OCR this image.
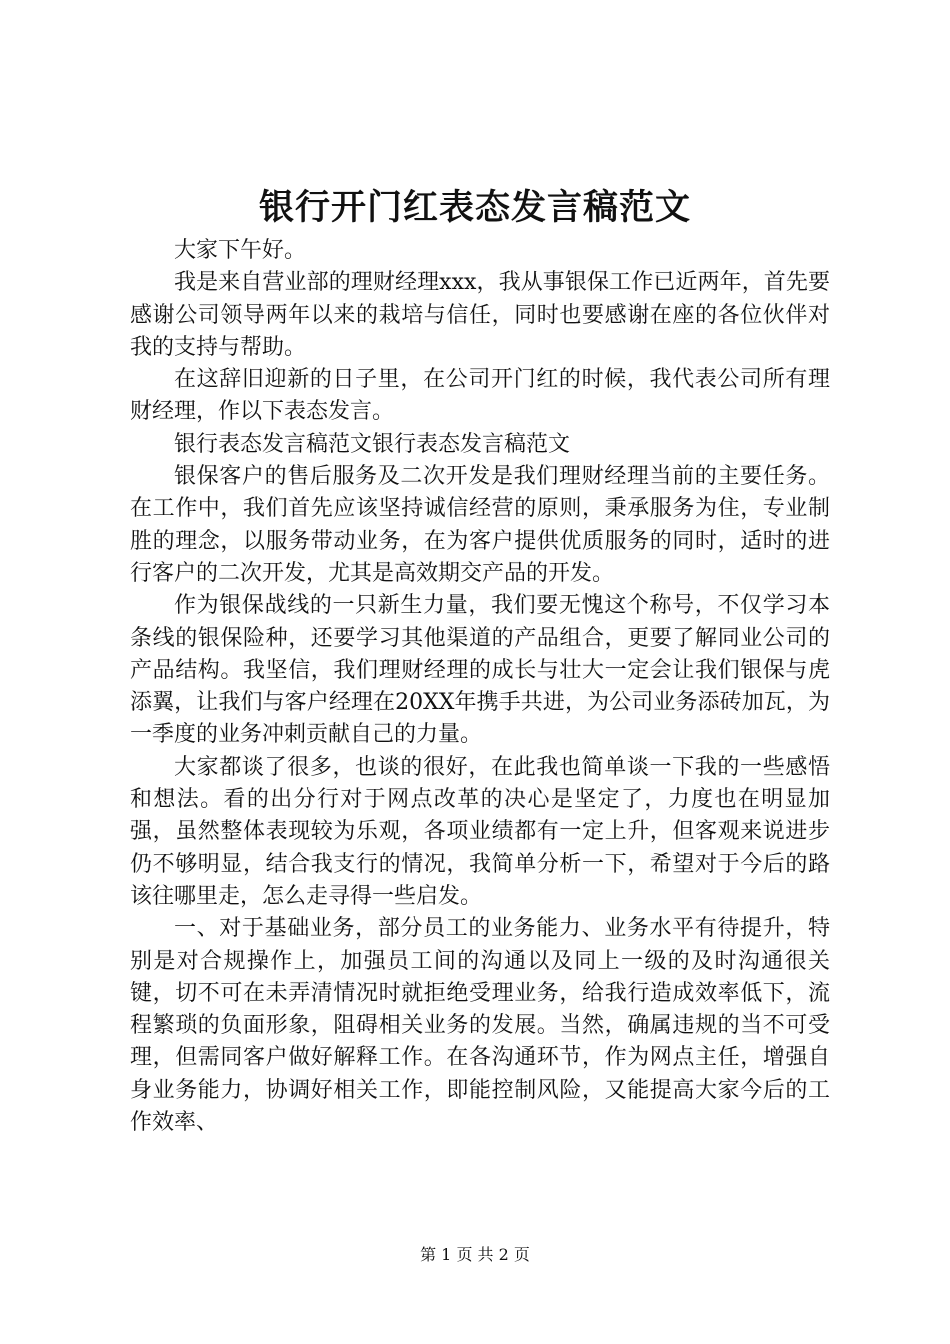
银行开门红表态发言稿范文

大家下午好。

我是来自营业部的理财经理xxx，我从事银保工作已近两年，首先要感谢公司领导两年以来的栽培与信任，同时也要感谢在座的各位伙伴对我的支持与帮助。

在这辞旧迎新的日子里，在公司开门红的时候，我代表公司所有理财经理，作以下表态发言。

银行表态发言稿范文银行表态发言稿范文

银保客户的售后服务及二次开发是我们理财经理当前的主要任务。在工作中，我们首先应该坚持诚信经营的原则，秉承服务为住，专业制胜的理念，以服务带动业务，在为客户提供优质服务的同时，适时的进行客户的二次开发，尤其是高效期交产品的开发。

作为银保战线的一只新生力量，我们要无愧这个称号，不仅学习本条线的银保险种，还要学习其他渠道的产品组合，更要了解同业公司的产品结构。我坚信，我们理财经理的成长与壮大一定会让我们银保与虎添翼，让我们与客户经理在20XX年携手共进，为公司业务添砖加瓦，为一季度的业务冲刺贡献自己的力量。

大家都谈了很多，也谈的很好，在此我也简单谈一下我的一些感悟和想法。看的出分行对于网点改革的决心是坚定了，力度也在明显加强，虽然整体表现较为乐观，各项业绩都有一定上升，但客观来说进步仍不够明显，结合我支行的情况，我简单分析一下，希望对于今后的路该往哪里走，怎么走寻得一些启发。

一、对于基础业务，部分员工的业务能力、业务水平有待提升，特别是对合规操作上，加强员工间的沟通以及同上一级的及时沟通很关键，切不可在未弄清情况时就拒绝受理业务，给我行造成效率低下，流程繁琐的负面形象，阻碍相关业务的发展。当然，确属违规的当不可受理，但需同客户做好解释工作。在各沟通环节，作为网点主任，增强自身业务能力，协调好相关工作，即能控制风险，又能提高大家今后的工作效率、

第 1 页 共 2 页
